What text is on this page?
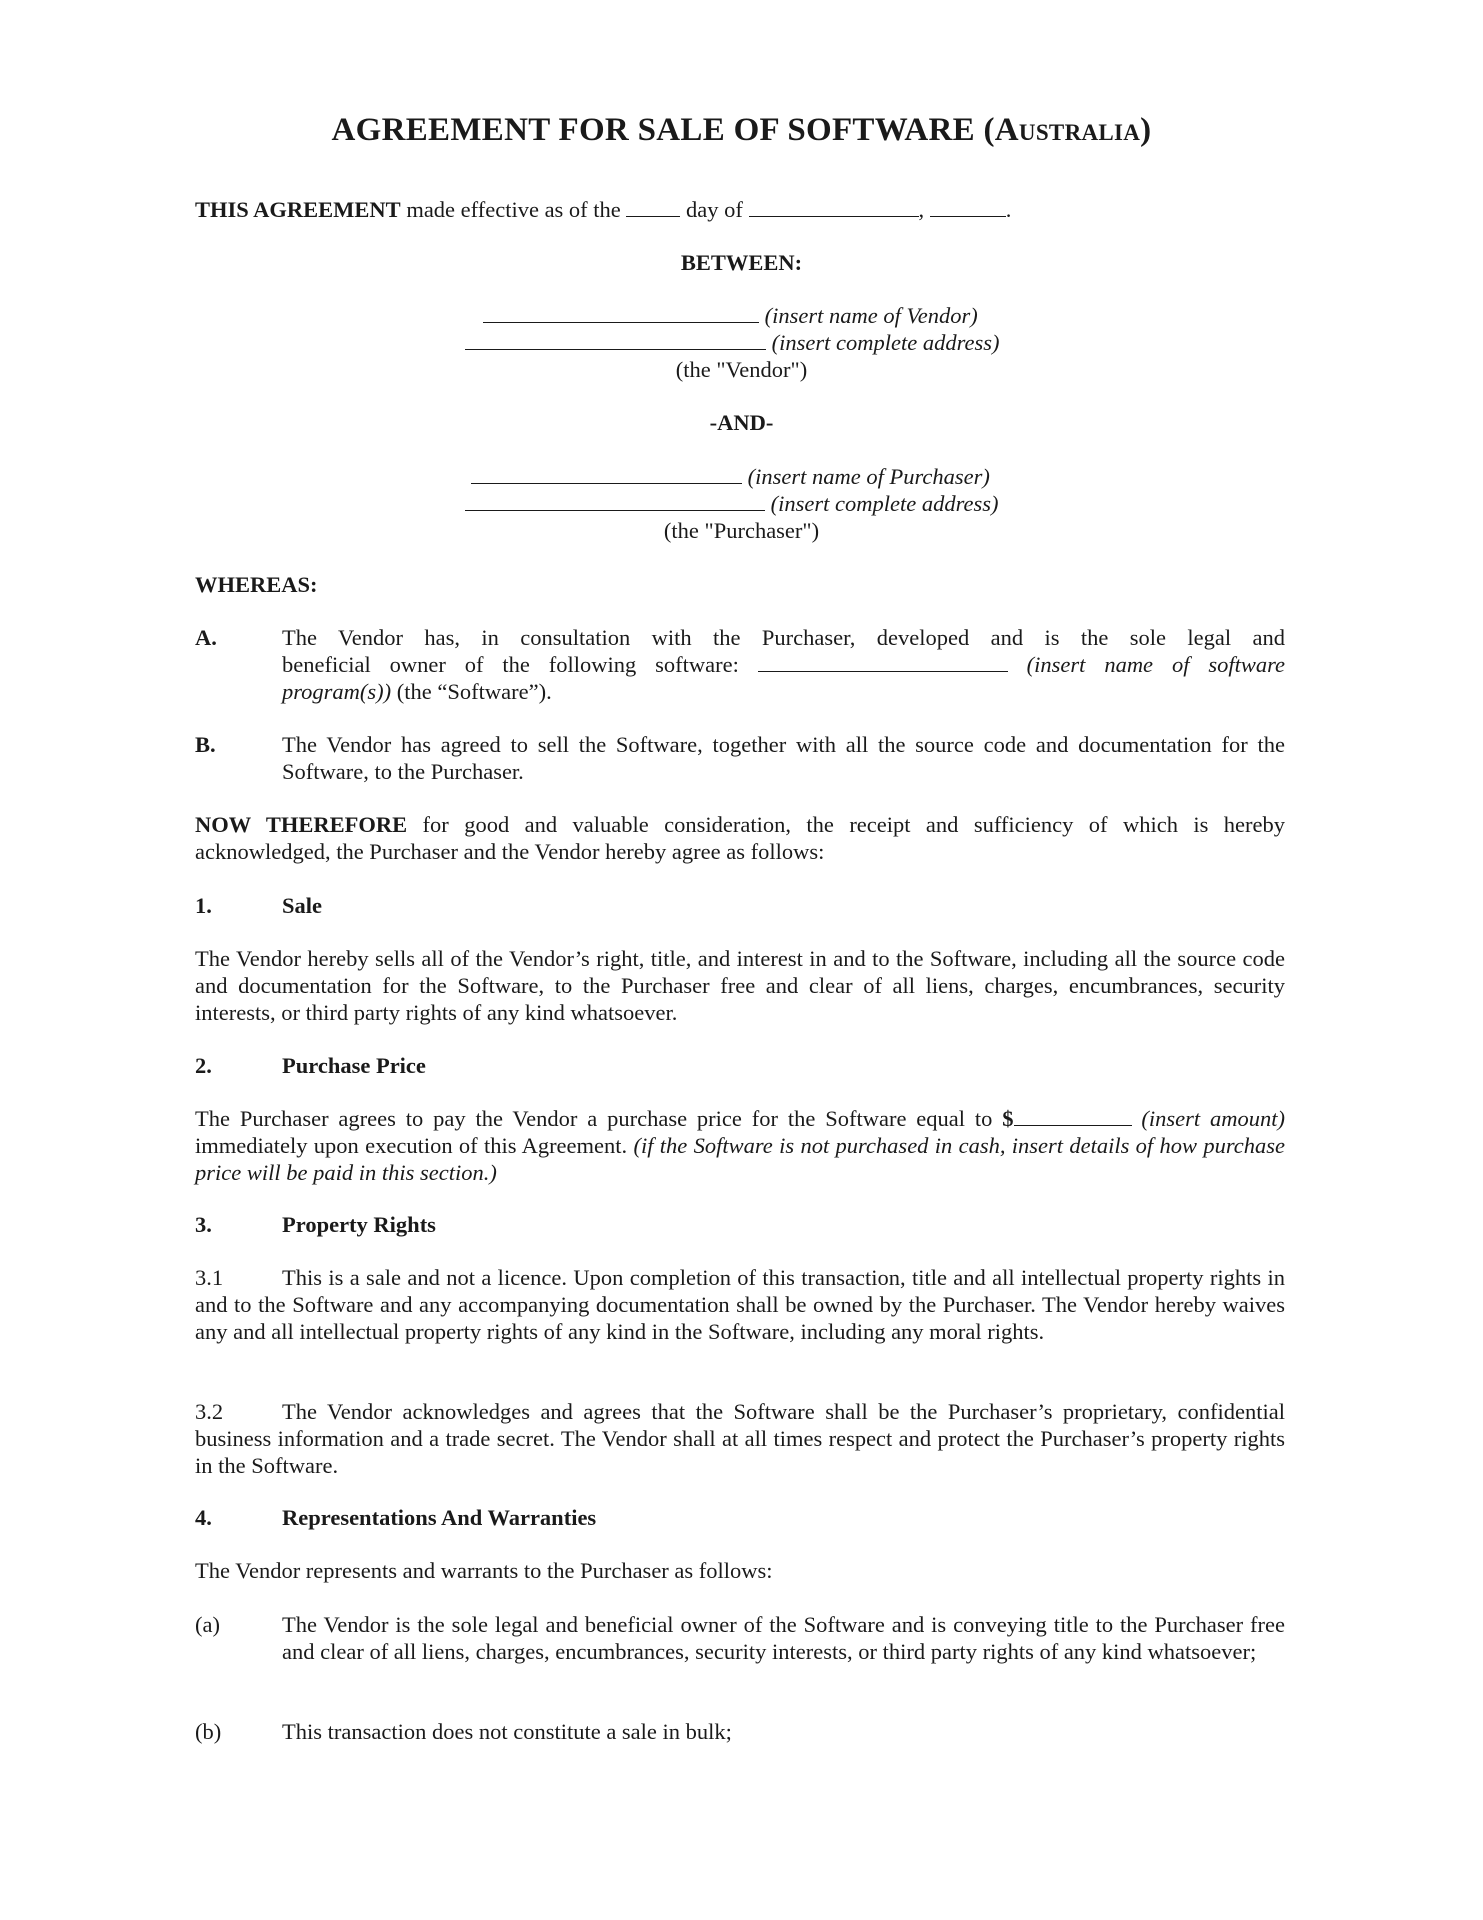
AGREEMENT FOR SALE OF SOFTWARE (Australia)
THIS AGREEMENT made effective as of the  day of	,	.
BETWEEN:
(insert name of Vendor)
(insert complete address)
(the "Vendor")
-AND-
(insert name of Purchaser)
(insert complete address)
(the "Purchaser")
WHEREAS:
A.	The Vendor has, in consultation with the Purchaser, developed and is the sole legal and
beneficial owner of the following software:	(insert name of software
program(s)) (the “Software”).
B.	The Vendor has agreed to sell the Software, together with all the source code and documentation for the Software, to the Purchaser.
NOW THEREFORE for good and valuable consideration, the receipt and sufficiency of which is hereby acknowledged, the Purchaser and the Vendor hereby agree as follows:
1.	Sale
The Vendor hereby sells all of the Vendor’s right, title, and interest in and to the Software, including all the source code and documentation for the Software, to the Purchaser free and clear of all liens, charges, encumbrances, security interests, or third party rights of any kind whatsoever.
2.	Purchase Price
The Purchaser agrees to pay the Vendor a purchase price for the Software equal to $	(insert amount) immediately upon execution of this Agreement. (if the Software is not purchased in cash, insert details of how purchase price will be paid in this section.)
3.	Property Rights
3.1	This is a sale and not a licence. Upon completion of this transaction, title and all intellectual property rights in and to the Software and any accompanying documentation shall be owned by the Purchaser. The Vendor hereby waives any and all intellectual property rights of any kind in the Software, including any moral rights.
3.2	The Vendor acknowledges and agrees that the Software shall be the Purchaser’s proprietary, confidential business information and a trade secret. The Vendor shall at all times respect and protect the Purchaser’s property rights in the Software.
4.	Representations And Warranties
The Vendor represents and warrants to the Purchaser as follows:
(a)	The Vendor is the sole legal and beneficial owner of the Software and is conveying title to the Purchaser free and clear of all liens, charges, encumbrances, security interests, or third party rights of any kind whatsoever;
(b)	This transaction does not constitute a sale in bulk;
